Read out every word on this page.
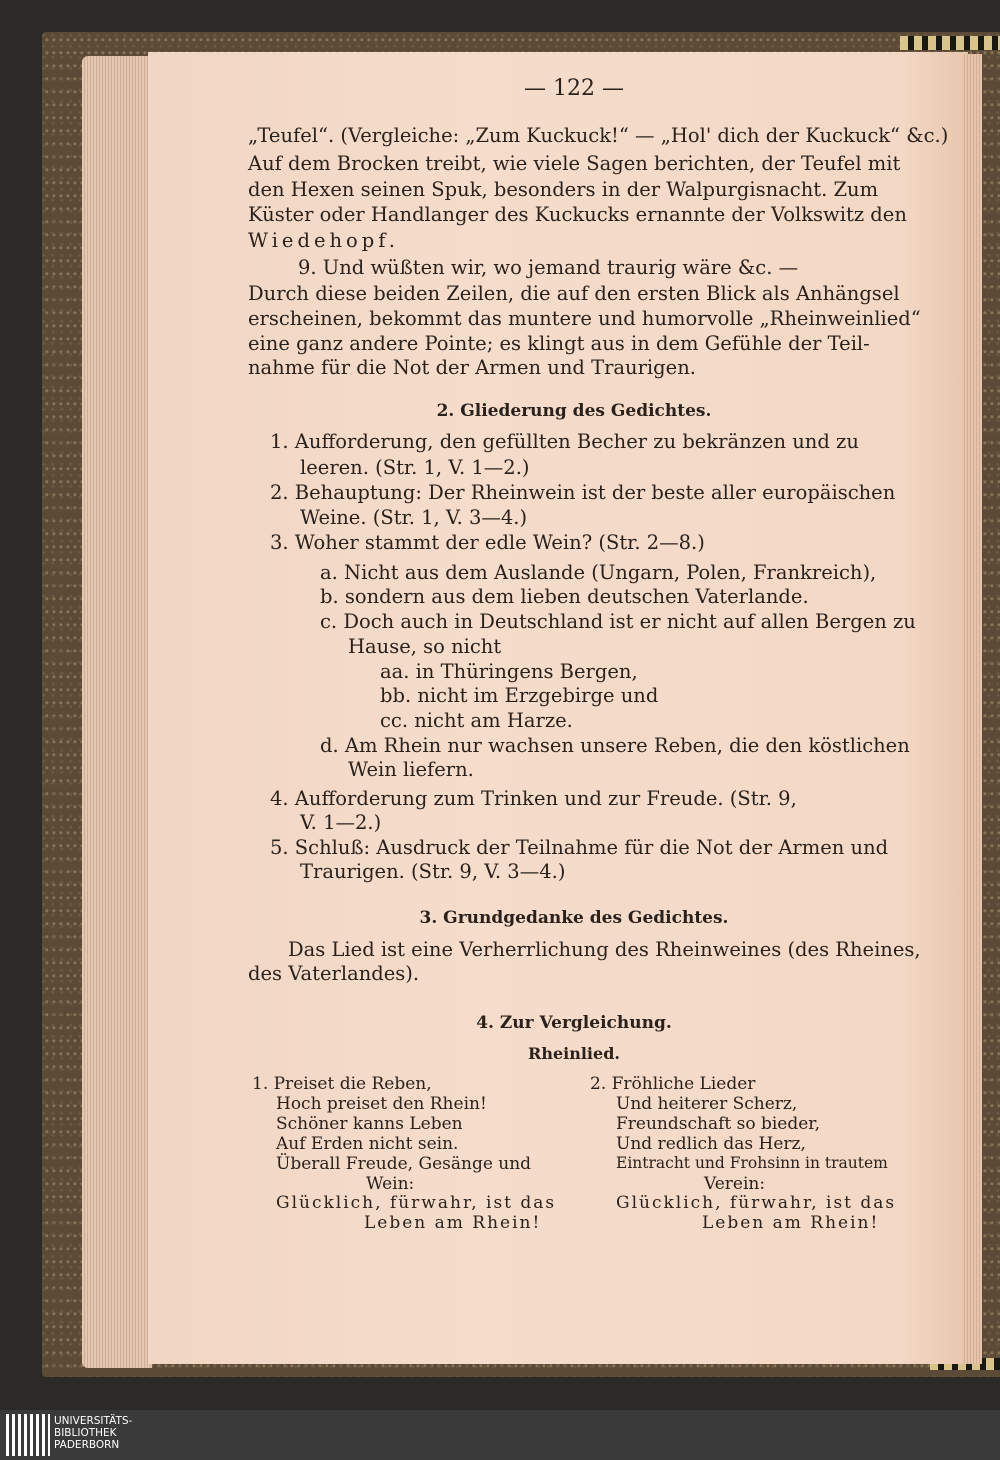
— 122 —
„Teufel“. (Vergleiche: „Zum Kuckuck!“ — „Hol' dich der Kuckuck“ &c.)
Auf dem Brocken treibt, wie viele Sagen berichten, der Teufel mit
den Hexen seinen Spuk, besonders in der Walpurgisnacht. Zum
Küster oder Handlanger des Kuckucks ernannte der Volkswitz den
Wiedehopf.
9. Und wüßten wir, wo jemand traurig wäre &c. —
Durch diese beiden Zeilen, die auf den ersten Blick als Anhängsel
erscheinen, bekommt das muntere und humorvolle „Rheinweinlied“
eine ganz andere Pointe; es klingt aus in dem Gefühle der Teil-
nahme für die Not der Armen und Traurigen.
2. Gliederung des Gedichtes.
1. Aufforderung, den gefüllten Becher zu bekränzen und zu
leeren. (Str. 1, V. 1—2.)
2. Behauptung: Der Rheinwein ist der beste aller europäischen
Weine. (Str. 1, V. 3—4.)
3. Woher stammt der edle Wein? (Str. 2—8.)
a. Nicht aus dem Auslande (Ungarn, Polen, Frankreich),
b. sondern aus dem lieben deutschen Vaterlande.
c. Doch auch in Deutschland ist er nicht auf allen Bergen zu
Hause, so nicht
aa. in Thüringens Bergen,
bb. nicht im Erzgebirge und
cc. nicht am Harze.
d. Am Rhein nur wachsen unsere Reben, die den köstlichen
Wein liefern.
4. Aufforderung zum Trinken und zur Freude. (Str. 9,
V. 1—2.)
5. Schluß: Ausdruck der Teilnahme für die Not der Armen und
Traurigen. (Str. 9, V. 3—4.)
3. Grundgedanke des Gedichtes.
Das Lied ist eine Verherrlichung des Rheinweines (des Rheines,
des Vaterlandes).
4. Zur Vergleichung.
Rheinlied.
1. Preiset die Reben,
Hoch preiset den Rhein!
Schöner kanns Leben
Auf Erden nicht sein.
Überall Freude, Gesänge und
Wein:
Glücklich, fürwahr, ist das
Leben am Rhein!
2. Fröhliche Lieder
Und heiterer Scherz,
Freundschaft so bieder,
Und redlich das Herz,
Eintracht und Frohsinn in trautem
Verein:
Glücklich, fürwahr, ist das
Leben am Rhein!
UNIVERSITÄTS-
BIBLIOTHEK
PADERBORN
